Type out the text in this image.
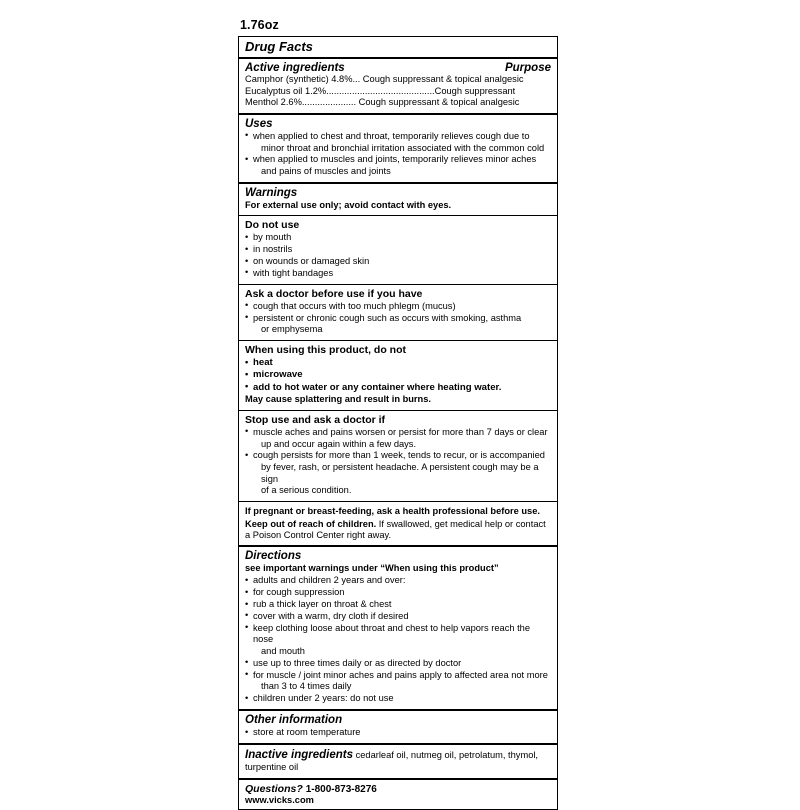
1.76oz
Drug Facts
Active ingredients	Purpose
Camphor (synthetic) 4.8%... Cough suppressant & topical analgesic
Eucalyptus oil 1.2%..........................................Cough suppressant
Menthol 2.6%..................... Cough suppressant & topical analgesic
Uses
• when applied to chest and throat, temporarily relieves cough due to
minor throat and bronchial irritation associated with the common cold
• when applied to muscles and joints, temporarily relieves minor aches
and pains of muscles and joints
Warnings
For external use only; avoid contact with eyes.
Do not use
• by mouth
• in nostrils
• on wounds or damaged skin
• with tight bandages
Ask a doctor before use if you have
• cough that occurs with too much phlegm (mucus)
• persistent or chronic cough such as occurs with smoking, asthma
or emphysema
When using this product, do not
• heat
• microwave
• add to hot water or any container where heating water.
May cause splattering and result in burns.
Stop use and ask a doctor if
• muscle aches and pains worsen or persist for more than 7 days or clear
up and occur again within a few days.
• cough persists for more than 1 week, tends to recur, or is accompanied
by fever, rash, or persistent headache. A persistent cough may be a sign
of a serious condition.
If pregnant or breast-feeding, ask a health professional before use.
Keep out of reach of children. If swallowed, get medical help or contact
a Poison Control Center right away.
Directions
see important warnings under “When using this product”
• adults and children 2 years and over:
• for cough suppression
• rub a thick layer on throat & chest
• cover with a warm, dry cloth if desired
• keep clothing loose about throat and chest to help vapors reach the nose
and mouth
• use up to three times daily or as directed by doctor
• for muscle / joint minor aches and pains apply to affected area not more
than 3 to 4 times daily
• children under 2 years: do not use
Other information
• store at room temperature
Inactive ingredients cedarleaf oil, nutmeg oil, petrolatum, thymol,
turpentine oil
Questions? 1-800-873-8276
www.vicks.com
